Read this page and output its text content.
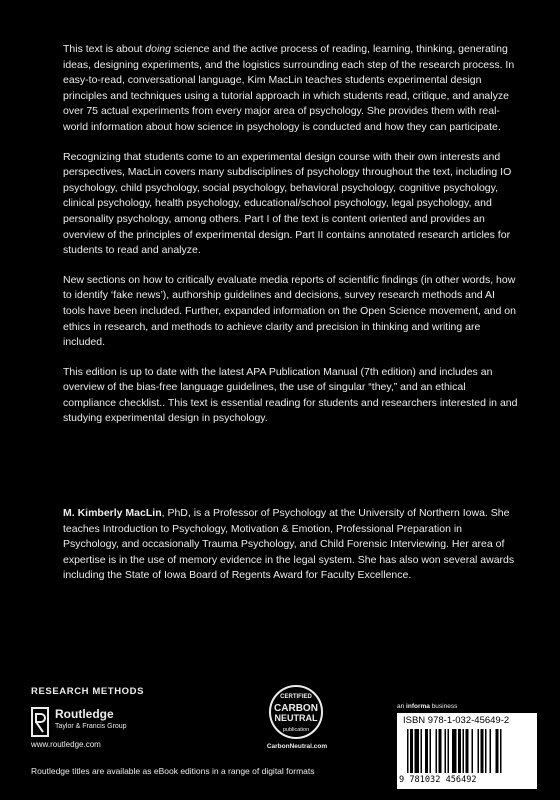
This text is about doing science and the active process of reading, learning, thinking, generating ideas, designing experiments, and the logistics surrounding each step of the research process. In easy-to-read, conversational language, Kim MacLin teaches students experimental design principles and techniques using a tutorial approach in which students read, critique, and analyze over 75 actual experiments from every major area of psychology. She provides them with real-world information about how science in psychology is conducted and how they can participate.

Recognizing that students come to an experimental design course with their own interests and perspectives, MacLin covers many subdisciplines of psychology throughout the text, including IO psychology, child psychology, social psychology, behavioral psychology, cognitive psychology, clinical psychology, health psychology, educational/school psychology, legal psychology, and personality psychology, among others. Part I of the text is content oriented and provides an overview of the principles of experimental design. Part II contains annotated research articles for students to read and analyze.

New sections on how to critically evaluate media reports of scientific findings (in other words, how to identify ‘fake news’), authorship guidelines and decisions, survey research methods and AI tools have been included. Further, expanded information on the Open Science movement, and on ethics in research, and methods to achieve clarity and precision in thinking and writing are included.

This edition is up to date with the latest APA Publication Manual (7th edition) and includes an overview of the bias-free language guidelines, the use of singular “they,” and an ethical compliance checklist.. This text is essential reading for students and researchers interested in and studying experimental design in psychology.

M. Kimberly MacLin, PhD, is a Professor of Psychology at the University of Northern Iowa. She teaches Introduction to Psychology, Motivation & Emotion, Professional Preparation in Psychology, and occasionally Trauma Psychology, and Child Forensic Interviewing. Her area of expertise is in the use of memory evidence in the legal system. She has also won several awards including the State of Iowa Board of Regents Award for Faculty Excellence.
RESEARCH METHODS
Routledge
Taylor & Francis Group
www.routledge.com
Routledge titles are available as eBook editions in a range of digital formats
CERTIFIED
CARBON
NEUTRAL
publication
CarbonNeutral.com
an informa business
ISBN 978-1-032-45649-2
9 781032 456492
